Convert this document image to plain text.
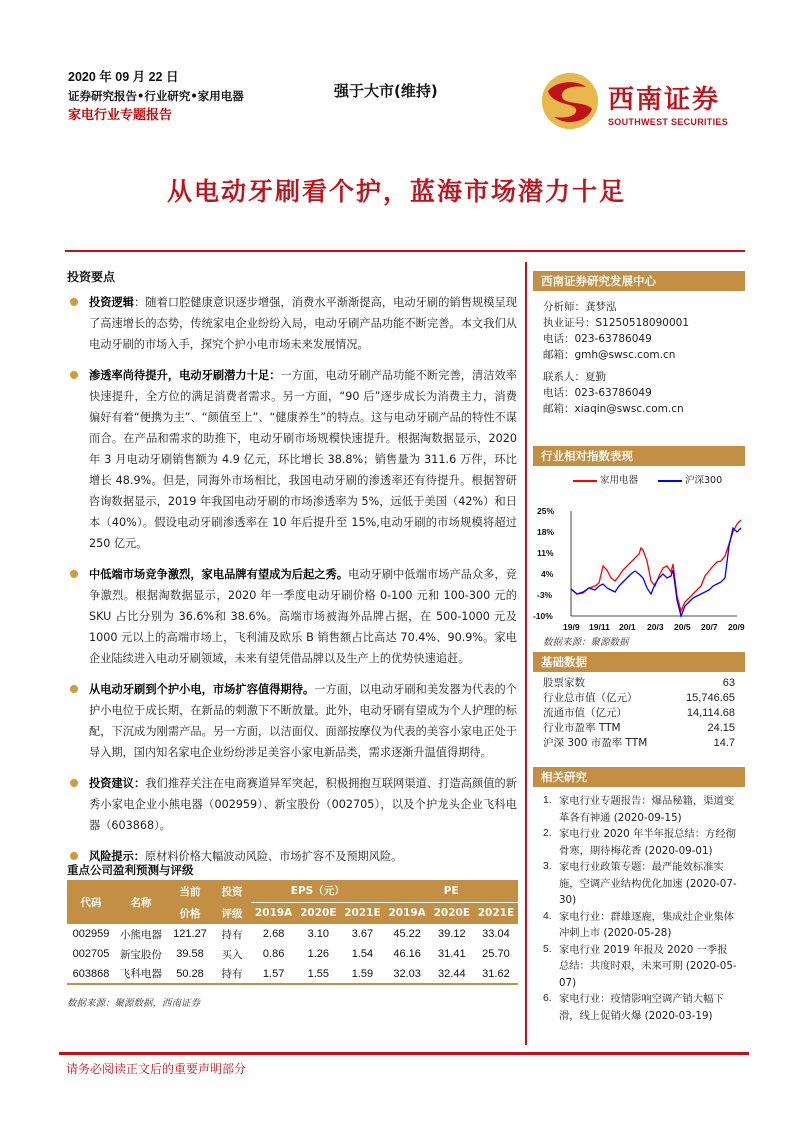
2020 年 09 月 22 日
证券研究报告•行业研究•家用电器
家电行业专题报告
强于大市(维持)	西南证券
SOUTHWEST SECURITIES
从电动牙刷看个护，蓝海市场潜力十足
投资要点
投资逻辑：随着口腔健康意识逐步增强，消费水平渐渐提高，电动牙刷的销售规模呈现了高速增长的态势，传统家电企业纷纷入局，电动牙刷产品功能不断完善。本文我们从电动牙刷的市场入手，探究个护小电市场未来发展情况。
渗透率尚待提升，电动牙刷潜力十足：一方面，电动牙刷产品功能不断完善，清洁效率快速提升，全方位的满足消费者需求。另一方面，“90 后”逐步成长为消费主力，消费偏好有着“便携为主”、“颜值至上”、“健康养生”的特点。这与电动牙刷产品的特性不谋而合。在产品和需求的助推下，电动牙刷市场规模快速提升。根据淘数据显示，2020 年 3 月电动牙刷销售额为 4.9 亿元，环比增长 38.8%；销售量为 311.6 万件，环比增长 48.9%。但是，同海外市场相比，我国电动牙刷的渗透率还有待提升。根据智研咨询数据显示，2019 年我国电动牙刷的市场渗透率为 5%，远低于美国（42%）和日本（40%）。假设电动牙刷渗透率在 10 年后提升至 15%,电动牙刷的市场规模将超过 250 亿元。
中低端市场竞争激烈，家电品牌有望成为后起之秀。电动牙刷中低端市场产品众多，竞争激烈。根据淘数据显示，2020 年一季度电动牙刷价格 0-100 元和 100-300 元的 SKU 占比分别为 36.6%和 38.6%。高端市场被海外品牌占据，在 500-1000 元及 1000 元以上的高端市场上，飞利浦及欧乐 B 销售额占比高达 70.4%、90.9%。家电企业陆续进入电动牙刷领域，未来有望凭借品牌以及生产上的优势快速追赶。
从电动牙刷到个护小电，市场扩容值得期待。一方面，以电动牙刷和美发器为代表的个护小电位于成长期，在新品的刺激下不断放量。此外，电动牙刷有望成为个人护理的标配，下沉成为刚需产品。另一方面，以洁面仪、面部按摩仪为代表的美容小家电正处于导入期，国内知名家电企业纷纷涉足美容小家电新品类，需求逐渐升温值得期待。
投资建议：我们推荐关注在电商赛道异军突起，积极拥抱互联网渠道、打造高颜值的新秀小家电企业小熊电器（002959）、新宝股份（002705），以及个护龙头企业飞科电器（603868）。
风险提示：原材料价格大幅波动风险、市场扩容不及预期风险。
重点公司盈利预测与评级
代码	名称	当前	投资	EPS（元）			PE		
		价格	评级	2019A	2020E	2021E	2019A	2020E	2021E
002959	小熊电器	121.27	持有	2.68	3.10	3.67	45.22	39.12	33.04
002705	新宝股份	39.58	买入	0.86	1.26	1.54	46.16	31.41	25.70
603868	飞科电器	50.28	持有	1.57	1.55	1.59	32.03	32.44	31.62
数据来源：聚源数据，西南证券
西南证券研究发展中心
分析师：龚梦泓
执业证号：S1250518090001
电话：023-63786049
邮箱：gmh@swsc.com.cn
联系人：夏勤
电话：023-63786049
邮箱：xiaqin@swsc.com.cn
行业相对指数表现
家用电器	沪深300
25%
18%
11%
4%
-3%
-10%
19/9 19/11 20/1 20/3 20/5 20/7 20/9
数据来源：聚源数据
基础数据
股票家数	63
行业总市值（亿元）	15,746.65
流通市值（亿元）	14,114.68
行业市盈率 TTM	24.15
沪深 300 市盈率 TTM	14.7
相关研究
1. 家电行业专题报告：爆品秘籍，渠道变革各有神通 (2020-09-15)
2. 家电行业 2020 年半年报总结：方经彻骨寒，期待梅花香 (2020-09-01)
3. 家电行业政策专题：最严能效标准实施，空调产业结构优化加速 (2020-07-30)
4. 家电行业：群雄逐鹿，集成灶企业集体冲刺上市 (2020-05-28)
5. 家电行业 2019 年报及 2020 一季报总结：共度时艰，未来可期 (2020-05-07)
6. 家电行业：疫情影响空调产销大幅下滑，线上促销火爆 (2020-03-19)
请务必阅读正文后的重要声明部分
